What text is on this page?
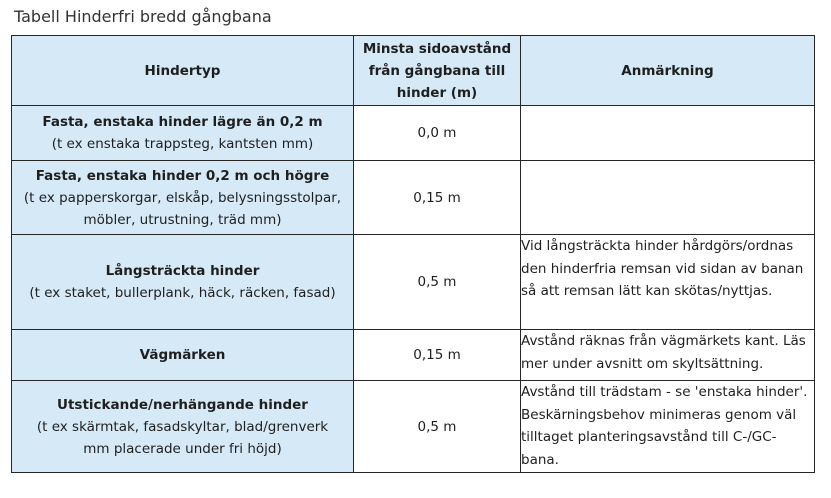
Tabell Hinderfri bredd gångbana
Hindertyp	Minsta sidoavstånd från gångbana till hinder (m)	Anmärkning

Fasta, enstaka hinder lägre än 0,2 m
(t ex enstaka trappsteg, kantsten mm)	0,0 m	

Fasta, enstaka hinder 0,2 m och högre
(t ex papperskorgar, elskåp, belysningsstolpar, möbler, utrustning, träd mm)	0,15 m	

Långsträckta hinder
(t ex staket, bullerplank, häck, räcken, fasad)	0,5 m	Vid långsträckta hinder hårdgörs/ordnas den hinderfria remsan vid sidan av banan så att remsan lätt kan skötas/nyttjas.

Vägmärken	0,15 m	Avstånd räknas från vägmärkets kant. Läs mer under avsnitt om skyltsättning.

Utstickande/nerhängande hinder
(t ex skärmtak, fasadskyltar, blad/grenverk mm placerade under fri höjd)	0,5 m	Avstånd till trädstam - se 'enstaka hinder'. Beskärningsbehov minimeras genom väl tilltaget planteringsavstånd till C-/GC-bana.
